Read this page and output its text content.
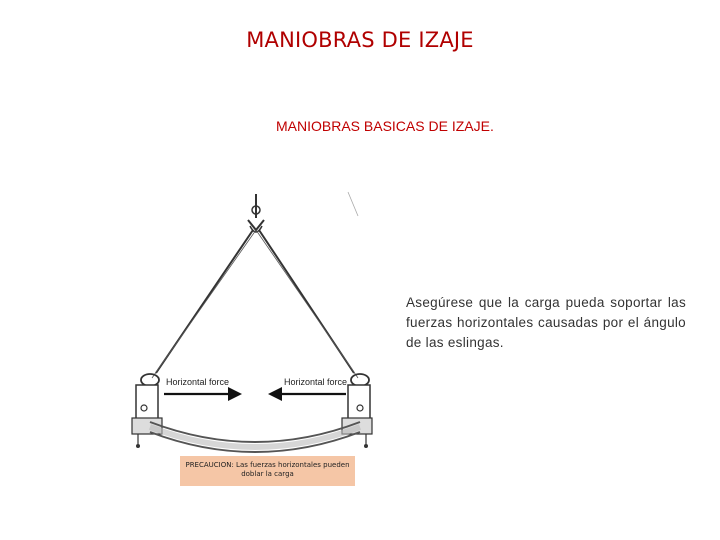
MANIOBRAS DE IZAJE
MANIOBRAS BASICAS DE IZAJE.
Horizontal force	Horizontal force
PRECAUCION: Las fuerzas horizontales pueden doblar la carga
Asegúrese que la carga pueda soportar las fuerzas horizontales causadas por el ángulo de las eslingas.
